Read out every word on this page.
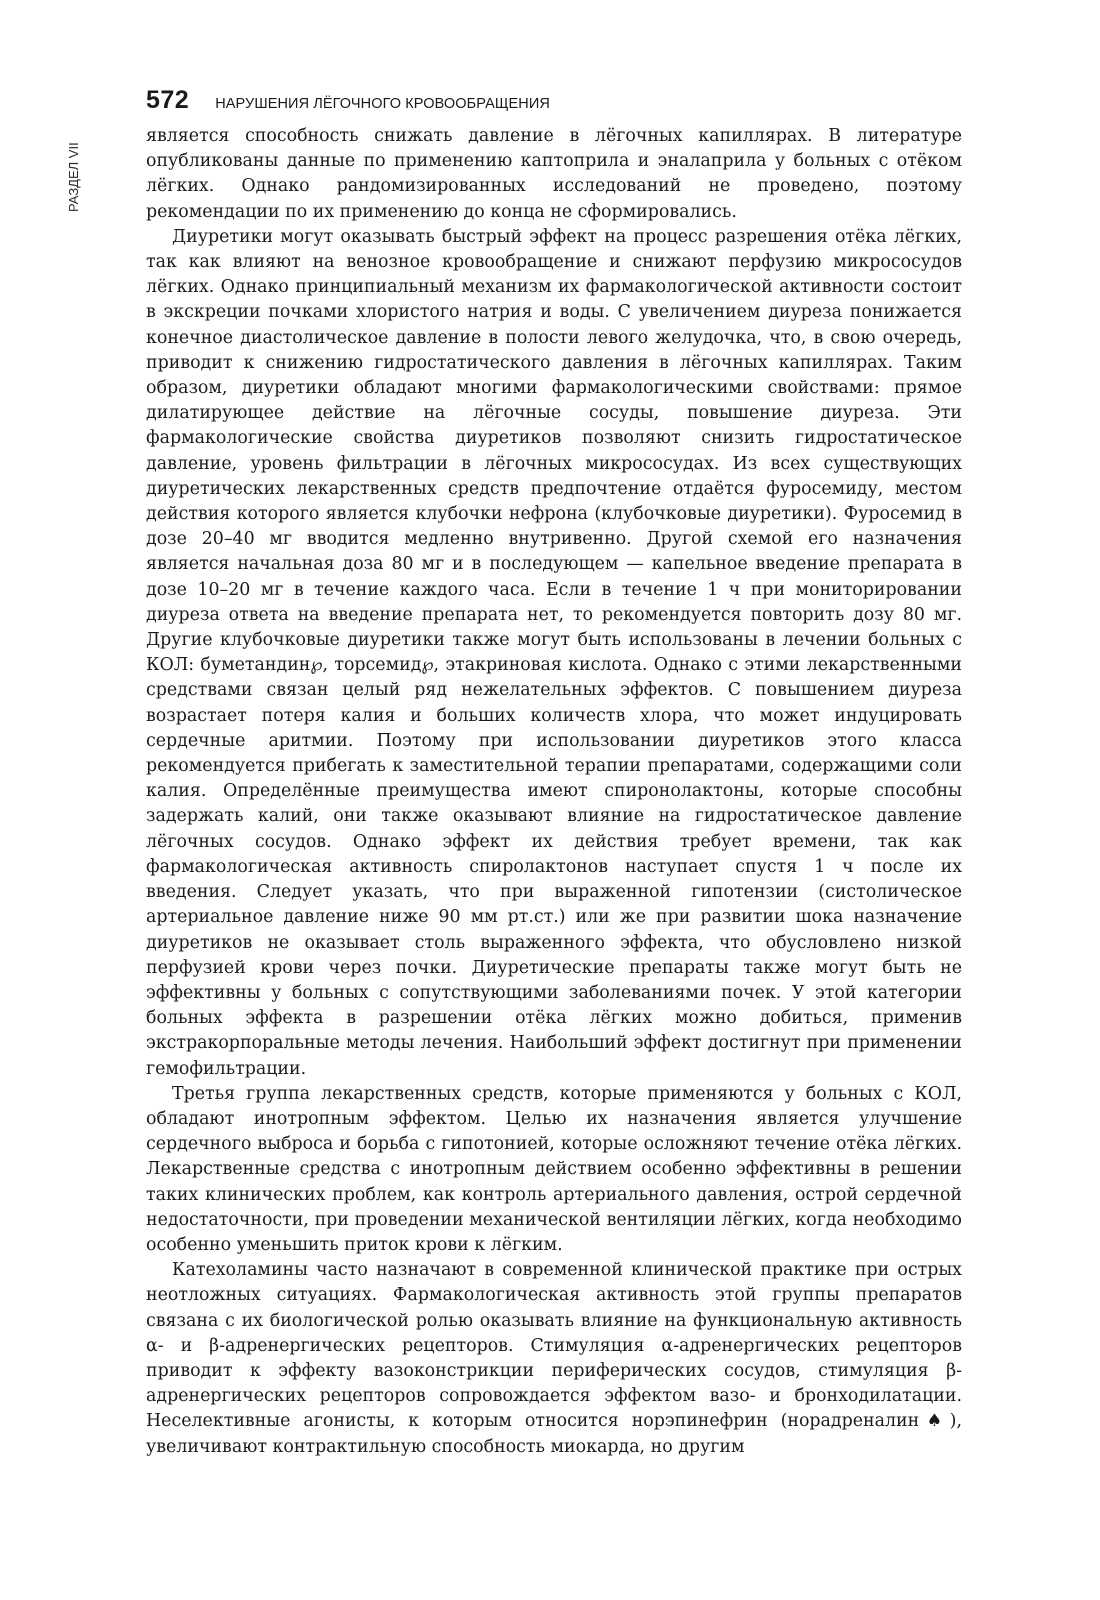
572 НАРУШЕНИЯ ЛЁГОЧНОГО КРОВООБРАЩЕНИЯ
РАЗДЕЛ VII

является способность снижать давление в лёгочных капиллярах. В литературе опубликованы данные по применению каптоприла и эналаприла у больных с отёком лёгких. Однако рандомизированных исследований не проведено, поэтому рекомендации по их применению до конца не сформировались.

Диуретики могут оказывать быстрый эффект на процесс разрешения отёка лёгких, так как влияют на венозное кровообращение и снижают перфузию микрососудов лёгких. Однако принципиальный механизм их фармакологической активности состоит в экскреции почками хлористого натрия и воды. С увеличением диуреза понижается конечное диастолическое давление в полости левого желудочка, что, в свою очередь, приводит к снижению гидростатического давления в лёгочных капиллярах. Таким образом, диуретики обладают многими фармакологическими свойствами: прямое дилатирующее действие на лёгочные сосуды, повышение диуреза. Эти фармакологические свойства диуретиков позволяют снизить гидростатическое давление, уровень фильтрации в лёгочных микрососудах. Из всех существующих диуретических лекарственных средств предпочтение отдаётся фуросемиду, местом действия которого является клубочки нефрона (клубочковые диуретики). Фуросемид в дозе 20–40 мг вводится медленно внутривенно. Другой схемой его назначения является начальная доза 80 мг и в последующем — капельное введение препарата в дозе 10–20 мг в течение каждого часа. Если в течение 1 ч при мониторировании диуреза ответа на введение препарата нет, то рекомендуется повторить дозу 80 мг. Другие клубочковые диуретики также могут быть использованы в лечении больных с КОЛ: буметандин℘, торсемид℘, этакриновая кислота. Однако с этими лекарственными средствами связан целый ряд нежелательных эффектов. С повышением диуреза возрастает потеря калия и больших количеств хлора, что может индуцировать сердечные аритмии. Поэтому при использовании диуретиков этого класса рекомендуется прибегать к заместительной терапии препаратами, содержащими соли калия. Определённые преимущества имеют спиронолактоны, которые способны задержать калий, они также оказывают влияние на гидростатическое давление лёгочных сосудов. Однако эффект их действия требует времени, так как фармакологическая активность спиролактонов наступает спустя 1 ч после их введения. Следует указать, что при выраженной гипотензии (систолическое артериальное давление ниже 90 мм рт.ст.) или же при развитии шока назначение диуретиков не оказывает столь выраженного эффекта, что обусловлено низкой перфузией крови через почки. Диуретические препараты также могут быть не эффективны у больных с сопутствующими заболеваниями почек. У этой категории больных эффекта в разрешении отёка лёгких можно добиться, применив экстракорпоральные методы лечения. Наибольший эффект достигнут при применении гемофильтрации.

Третья группа лекарственных средств, которые применяются у больных с КОЛ, обладают инотропным эффектом. Целью их назначения является улучшение сердечного выброса и борьба с гипотонией, которые осложняют течение отёка лёгких. Лекарственные средства с инотропным действием особенно эффективны в решении таких клинических проблем, как контроль артериального давления, острой сердечной недостаточности, при проведении механической вентиляции лёгких, когда необходимо особенно уменьшить приток крови к лёгким.

Катехоламины часто назначают в современной клинической практике при острых неотложных ситуациях. Фармакологическая активность этой группы препаратов связана с их биологической ролью оказывать влияние на функциональную активность α- и β-адренергических рецепторов. Стимуляция α-адренергических рецепторов приводит к эффекту вазоконстрикции периферических сосудов, стимуляция β-адренергических рецепторов сопровождается эффектом вазо- и бронходилатации. Неселективные агонисты, к которым относится норэпинефрин (норадреналин♠), увеличивают контрактильную способность миокарда, но другим
